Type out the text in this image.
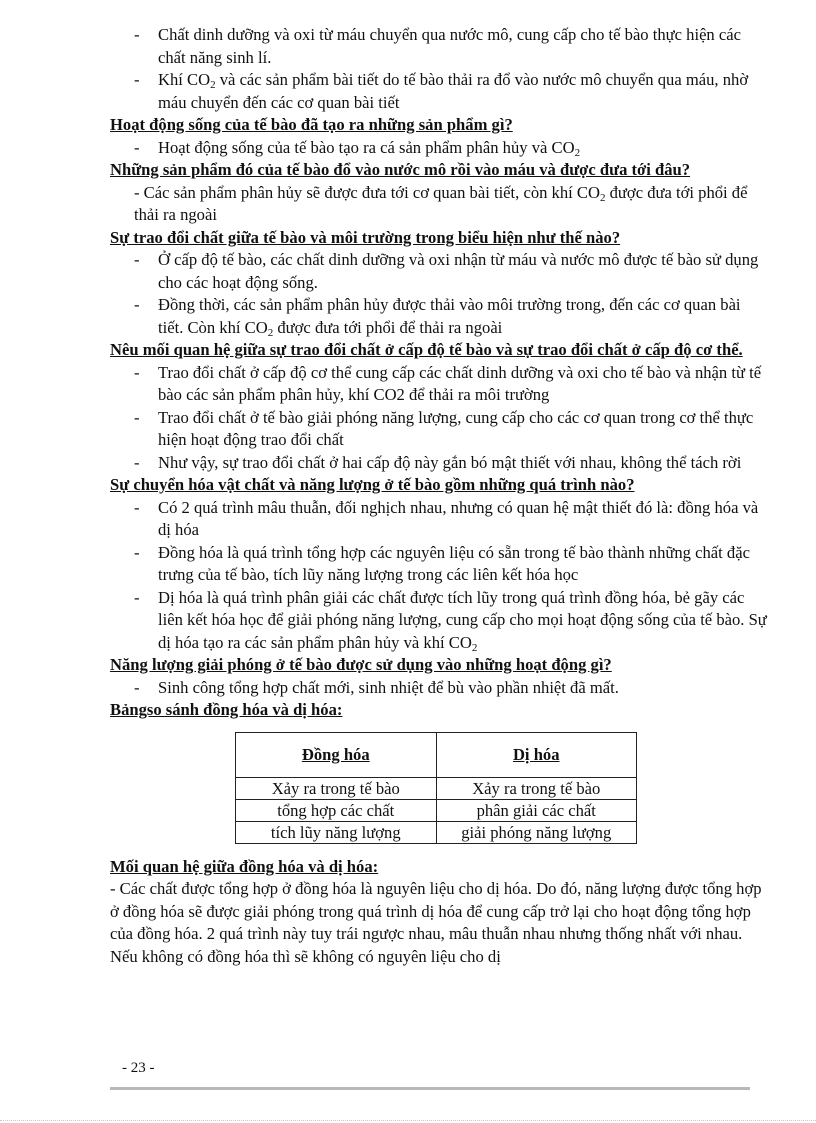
- Chất dinh dưỡng và oxi từ máu chuyển qua nước mô, cung cấp cho tế bào thực hiện các chất năng sinh lí.
- Khí $CO_2$ và các sản phẩm bài tiết do tế bào thải ra đổ vào nước mô chuyển qua máu, nhờ máu chuyển đến các cơ quan bài tiết
Hoạt động sống của tế bào đã tạo ra những sản phẩm gì?
- Hoạt động sống của tế bào tạo ra cá sản phẩm phân hủy và $CO_2$
Những sản phẩm đó của tế bào đổ vào nước mô rồi vào máu và được đưa tới đâu?
- Các sản phẩm phân hủy sẽ được đưa tới cơ quan bài tiết, còn khí $CO_2$ được đưa tới phổi để thải ra ngoài
Sự trao đổi chất giữa tế bào và môi trường trong biểu hiện như thế nào?
- Ở cấp độ tế bào, các chất dinh dưỡng và oxi nhận từ máu và nước mô được tế bào sử dụng cho các hoạt động sống.
- Đồng thời, các sản phẩm phân hủy được thải vào môi trường trong, đến các cơ quan bài tiết. Còn khí $CO_2$ được đưa tới phổi để thải ra ngoài
Nêu mối quan hệ giữa sự trao đổi chất ở cấp độ tế bào và sự trao đổi chất ở cấp độ cơ thể.
- Trao đổi chất ở cấp độ cơ thể cung cấp các chất dinh dưỡng và oxi cho tế bào và nhận từ tế bào các sản phẩm phân hủy, khí CO2 để thải ra môi trường
- Trao đổi chất ở tế bào giải phóng năng lượng, cung cấp cho các cơ quan trong cơ thể thực hiện hoạt động trao đổi chất
- Như vậy, sự trao đổi chất ở hai cấp độ này gắn bó mật thiết với nhau, không thể tách rời
Sự chuyển hóa vật chất và năng lượng ở tế bào gồm những quá trình nào?
- Có 2 quá trình mâu thuẫn, đối nghịch nhau, nhưng có quan hệ mật thiết đó là: đồng hóa và dị hóa
- Đồng hóa là quá trình tổng hợp các nguyên liệu có sẵn trong tế bào thành những chất đặc trưng của tế bào, tích lũy năng lượng trong các liên kết hóa học
- Dị hóa là quá trình phân giải các chất được tích lũy trong quá trình đồng hóa, bẻ gãy các liên kết hóa học để giải phóng năng lượng, cung cấp cho mọi hoạt động sống của tế bào. Sự dị hóa tạo ra các sản phẩm phân hủy và khí $CO_2$
Năng lượng giải phóng ở tế bào được sử dụng vào những hoạt động gì?
- Sinh công tổng hợp chất mới, sinh nhiệt để bù vào phần nhiệt đã mất.
Bảngso sánh đồng hóa và dị hóa:
Đồng hóa	Dị hóa
Xảy ra trong tế bào	Xảy ra trong tế bào
tổng hợp các chất	phân giải các chất
tích lũy năng lượng	giải phóng năng lượng
Mối quan hệ giữa đồng hóa và dị hóa:
- Các chất được tổng hợp ở đồng hóa là nguyên liệu cho dị hóa. Do đó, năng lượng được tổng hợp ở đồng hóa sẽ được giải phóng trong quá trình dị hóa để cung cấp trở lại cho hoạt động tổng hợp của đồng hóa. 2 quá trình này tuy trái ngược nhau, mâu thuẫn nhau nhưng thống nhất với nhau. Nếu không có đồng hóa thì sẽ không có nguyên liệu cho dị
- 23 -
